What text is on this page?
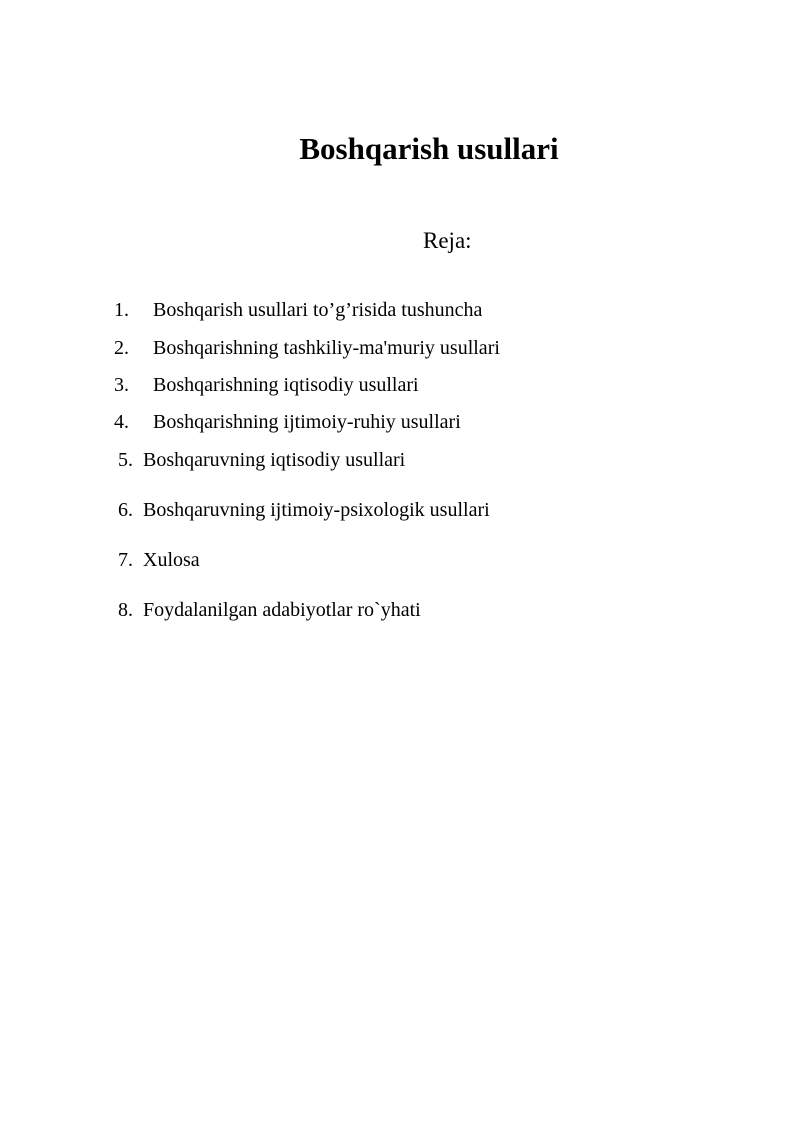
Boshqarish usullari

Reja:

1. Boshqarish usullari to’g’risida tushuncha
2. Boshqarishning tashkiliy-ma'muriy usullari
3. Boshqarishning iqtisodiy usullari
4. Boshqarishning ijtimoiy-ruhiy usullari
5. Boshqaruvning iqtisodiy usullari
6. Boshqaruvning ijtimoiy-psixologik usullari
7. Xulosa
8. Foydalanilgan adabiyotlar ro`yhati
